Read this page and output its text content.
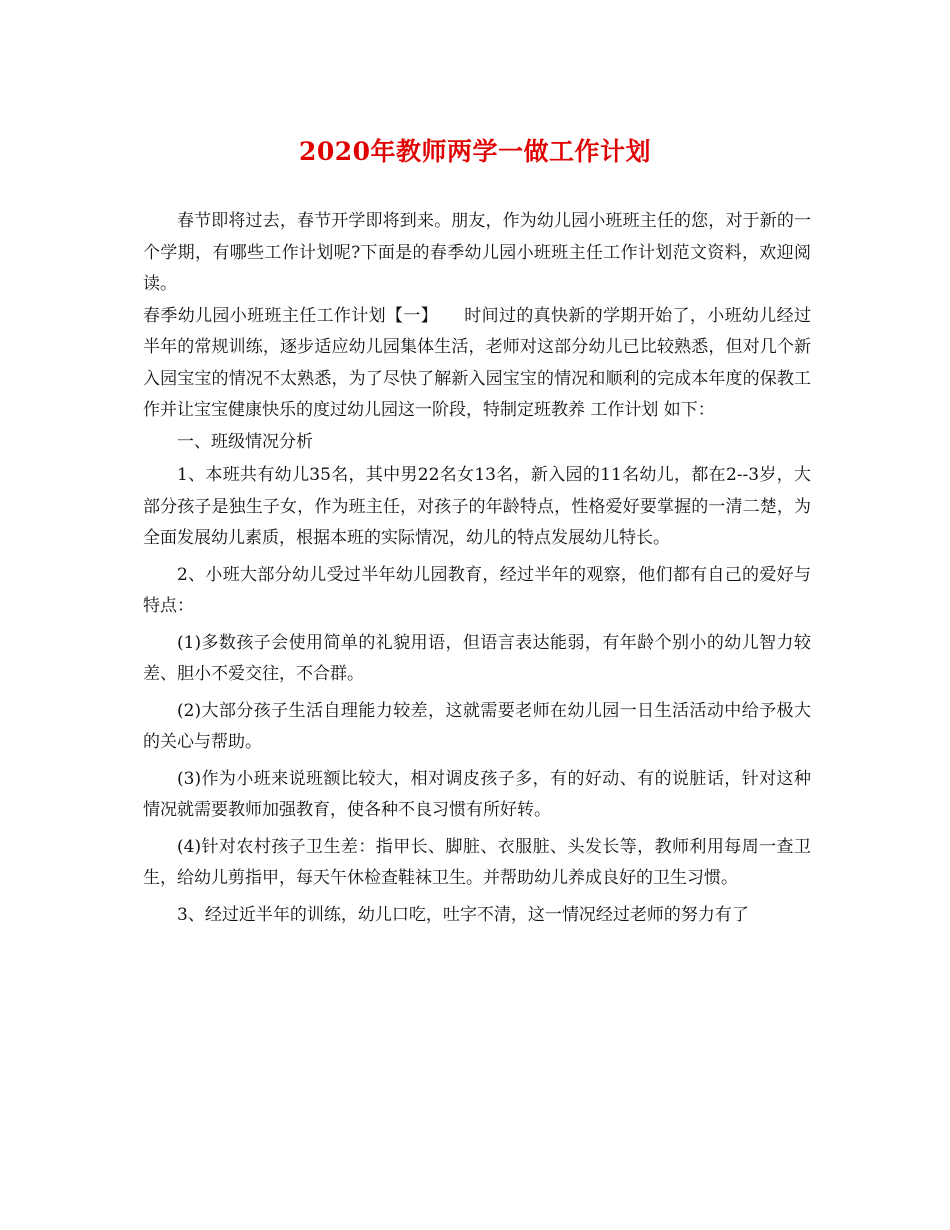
2020年教师两学一做工作计划

春节即将过去，春节开学即将到来。朋友，作为幼儿园小班班主任的您，对于新的一个学期，有哪些工作计划呢?下面是的春季幼儿园小班班主任工作计划范文资料，欢迎阅读。

春季幼儿园小班班主任工作计划【一】　　时间过的真快新的学期开始了，小班幼儿经过半年的常规训练，逐步适应幼儿园集体生活，老师对这部分幼儿已比较熟悉，但对几个新入园宝宝的情况不太熟悉，为了尽快了解新入园宝宝的情况和顺利的完成本年度的保教工作并让宝宝健康快乐的度过幼儿园这一阶段，特制定班教养 工作计划 如下：

一、班级情况分析

1、本班共有幼儿35名，其中男22名女13名，新入园的11名幼儿，都在2--3岁，大部分孩子是独生子女，作为班主任，对孩子的年龄特点，性格爱好要掌握的一清二楚，为全面发展幼儿素质，根据本班的实际情况，幼儿的特点发展幼儿特长。

2、小班大部分幼儿受过半年幼儿园教育，经过半年的观察，他们都有自己的爱好与特点：

(1)多数孩子会使用简单的礼貌用语，但语言表达能弱，有年龄个别小的幼儿智力较差、胆小不爱交往，不合群。

(2)大部分孩子生活自理能力较差，这就需要老师在幼儿园一日生活活动中给予极大的关心与帮助。

(3)作为小班来说班额比较大，相对调皮孩子多，有的好动、有的说脏话，针对这种情况就需要教师加强教育，使各种不良习惯有所好转。

(4)针对农村孩子卫生差：指甲长、脚脏、衣服脏、头发长等，教师利用每周一查卫生，给幼儿剪指甲，每天午休检查鞋袜卫生。并帮助幼儿养成良好的卫生习惯。

3、经过近半年的训练，幼儿口吃，吐字不清，这一情况经过老师的努力有了
